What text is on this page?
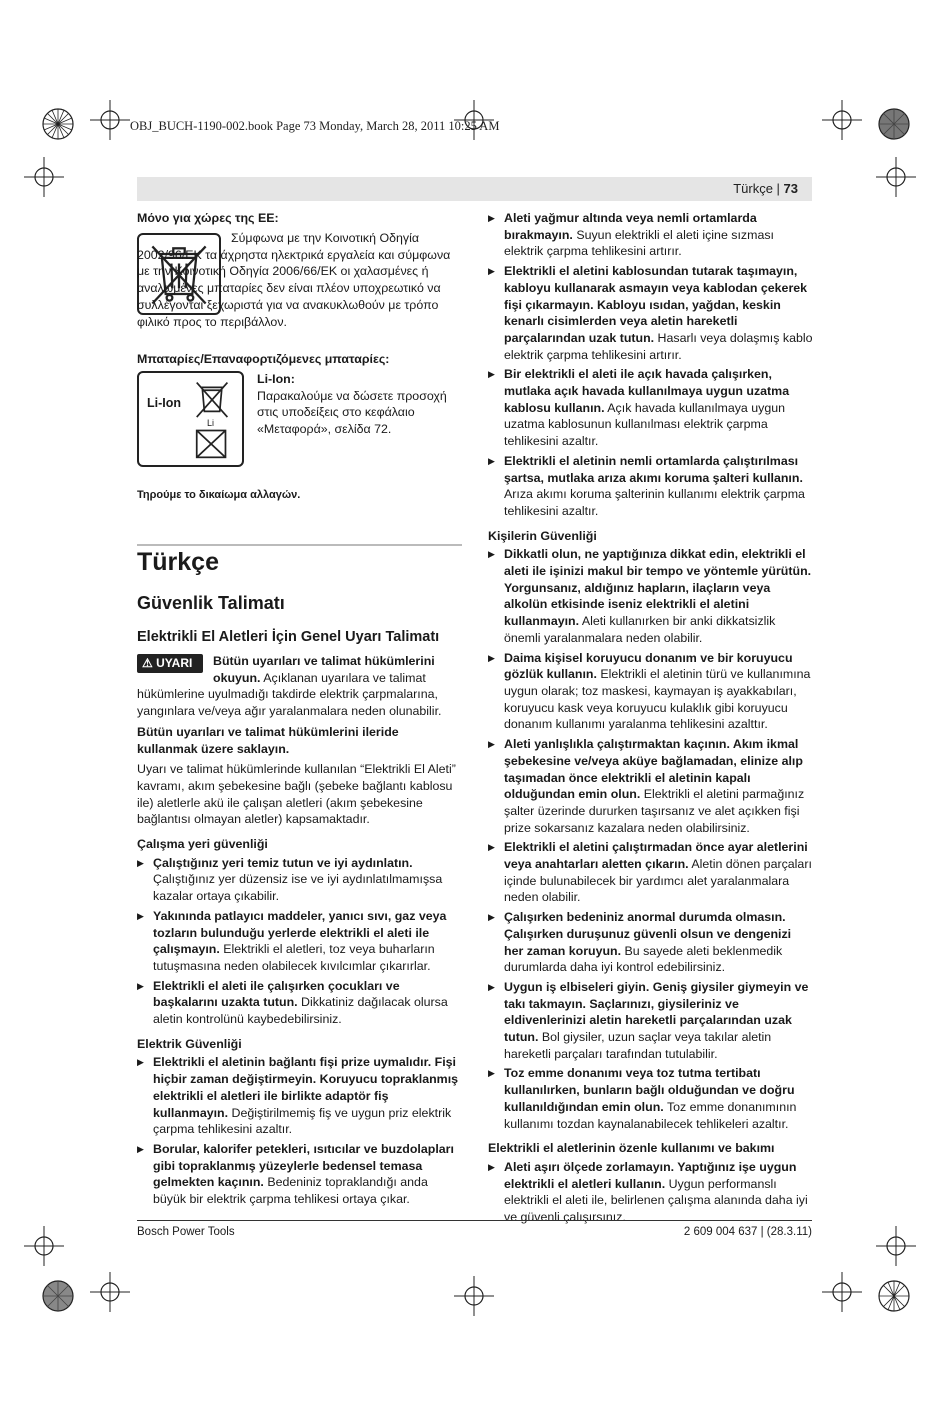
OBJ_BUCH-1190-002.book Page 73 Monday, March 28, 2011 10:25 AM
Türkçe | 73
Μόνο για χώρες της ΕΕ:
Σύμφωνα με την Κοινοτική Οδηγία 2002/96/ΕΚ τα άχρηστα ηλεκτρικά εργαλεία και σύμφωνα με την Κοινοτική Οδηγία 2006/66/ΕΚ οι χαλασμένες ή αναλωμένες μπαταρίες δεν είναι πλέον υποχρεωτικό να συλλέγονται ξεχωριστά για να ανακυκλωθούν με τρόπο φιλικό προς το περιβάλλον.
Μπαταρίες/Επαναφορτιζόμενες μπαταρίες:
Li-Ion
Li
Li-Ion:
Παρακαλούμε να δώσετε προσοχή στις υποδείξεις στο κεφάλαιο «Μεταφορά», σελίδα 72.
Τηρούμε το δικαίωμα αλλαγών.
Türkçe
Güvenlik Talimatı
Elektrikli El Aletleri İçin Genel Uyarı Talimatı
⚠ UYARI	Bütün uyarıları ve talimat hükümlerini okuyun. Açıklanan uyarılara ve talimat hükümlerine uyulmadığı takdirde elektrik çarpmalarına, yangınlara ve/veya ağır yaralanmalara neden olunabilir.
Bütün uyarıları ve talimat hükümlerini ileride kullanmak üzere saklayın.
Uyarı ve talimat hükümlerinde kullanılan “Elektrikli El Aleti” kavramı, akım şebekesine bağlı (şebeke bağlantı kablosu ile) aletlerle akü ile çalışan aletleri (akım şebekesine bağlantısı olmayan aletler) kapsamaktadır.
Çalışma yeri güvenliği
▶ Çalıştığınız yeri temiz tutun ve iyi aydınlatın. Çalıştığınız yer düzensiz ise ve iyi aydınlatılmamışsa kazalar ortaya çıkabilir.
▶ Yakınında patlayıcı maddeler, yanıcı sıvı, gaz veya tozların bulunduğu yerlerde elektrikli el aleti ile çalışmayın. Elektrikli el aletleri, toz veya buharların tutuşmasına neden olabilecek kıvılcımlar çıkarırlar.
▶ Elektrikli el aleti ile çalışırken çocukları ve başkalarını uzakta tutun. Dikkatiniz dağılacak olursa aletin kontrolünü kaybedebilirsiniz.
Elektrik Güvenliği
▶ Elektrikli el aletinin bağlantı fişi prize uymalıdır. Fişi hiçbir zaman değiştirmeyin. Koruyucu topraklanmış elektrikli el aletleri ile birlikte adaptör fiş kullanmayın. Değiştirilmemiş fiş ve uygun priz elektrik çarpma tehlikesini azaltır.
▶ Borular, kalorifer petekleri, ısıtıcılar ve buzdolapları gibi topraklanmış yüzeylerle bedensel temasa gelmekten kaçının. Bedeniniz topraklandığı anda büyük bir elektrik çarpma tehlikesi ortaya çıkar.
▶ Aleti yağmur altında veya nemli ortamlarda bırakmayın. Suyun elektrikli el aleti içine sızması elektrik çarpma tehlikesini artırır.
▶ Elektrikli el aletini kablosundan tutarak taşımayın, kabloyu kullanarak asmayın veya kablodan çekerek fişi çıkarmayın. Kabloyu ısıdan, yağdan, keskin kenarlı cisimlerden veya aletin hareketli parçalarından uzak tutun. Hasarlı veya dolaşmış kablo elektrik çarpma tehlikesini artırır.
▶ Bir elektrikli el aleti ile açık havada çalışırken, mutlaka açık havada kullanılmaya uygun uzatma kablosu kullanın. Açık havada kullanılmaya uygun uzatma kablosunun kullanılması elektrik çarpma tehlikesini azaltır.
▶ Elektrikli el aletinin nemli ortamlarda çalıştırılması şartsa, mutlaka arıza akımı koruma şalteri kullanın. Arıza akımı koruma şalterinin kullanımı elektrik çarpma tehlikesini azaltır.
Kişilerin Güvenliği
▶ Dikkatli olun, ne yaptığınıza dikkat edin, elektrikli el aleti ile işinizi makul bir tempo ve yöntemle yürütün. Yorgunsanız, aldığınız hapların, ilaçların veya alkolün etkisinde iseniz elektrikli el aletini kullanmayın. Aleti kullanırken bir anki dikkatsizlik önemli yaralanmalara neden olabilir.
▶ Daima kişisel koruyucu donanım ve bir koruyucu gözlük kullanın. Elektrikli el aletinin türü ve kullanımına uygun olarak; toz maskesi, kaymayan iş ayakkabıları, koruyucu kask veya koruyucu kulaklık gibi koruyucu donanım kullanımı yaralanma tehlikesini azalttır.
▶ Aleti yanlışlıkla çalıştırmaktan kaçının. Akım ikmal şebekesine ve/veya aküye bağlamadan, elinize alıp taşımadan önce elektrikli el aletinin kapalı olduğundan emin olun. Elektrikli el aletini parmağınız şalter üzerinde dururken taşırsanız ve alet açıkken fişi prize sokarsanız kazalara neden olabilirsiniz.
▶ Elektrikli el aletini çalıştırmadan önce ayar aletlerini veya anahtarları aletten çıkarın. Aletin dönen parçaları içinde bulunabilecek bir yardımcı alet yaralanmalara neden olabilir.
▶ Çalışırken bedeniniz anormal durumda olmasın. Çalışırken duruşunuz güvenli olsun ve dengenizi her zaman koruyun. Bu sayede aleti beklenmedik durumlarda daha iyi kontrol edebilirsiniz.
▶ Uygun iş elbiseleri giyin. Geniş giysiler giymeyin ve takı takmayın. Saçlarınızı, giysileriniz ve eldivenlerinizi aletin hareketli parçalarından uzak tutun. Bol giysiler, uzun saçlar veya takılar aletin hareketli parçaları tarafından tutulabilir.
▶ Toz emme donanımı veya toz tutma tertibatı kullanılırken, bunların bağlı olduğundan ve doğru kullanıldığından emin olun. Toz emme donanımının kullanımı tozdan kaynalanabilecek tehlikeleri azaltır.
Elektrikli el aletlerinin özenle kullanımı ve bakımı
▶ Aleti aşırı ölçede zorlamayın. Yaptığınız işe uygun elektrikli el aletleri kullanın. Uygun performanslı elektrikli el aleti ile, belirlenen çalışma alanında daha iyi ve güvenli çalışırsınız.
Bosch Power Tools	2 609 004 637 | (28.3.11)
